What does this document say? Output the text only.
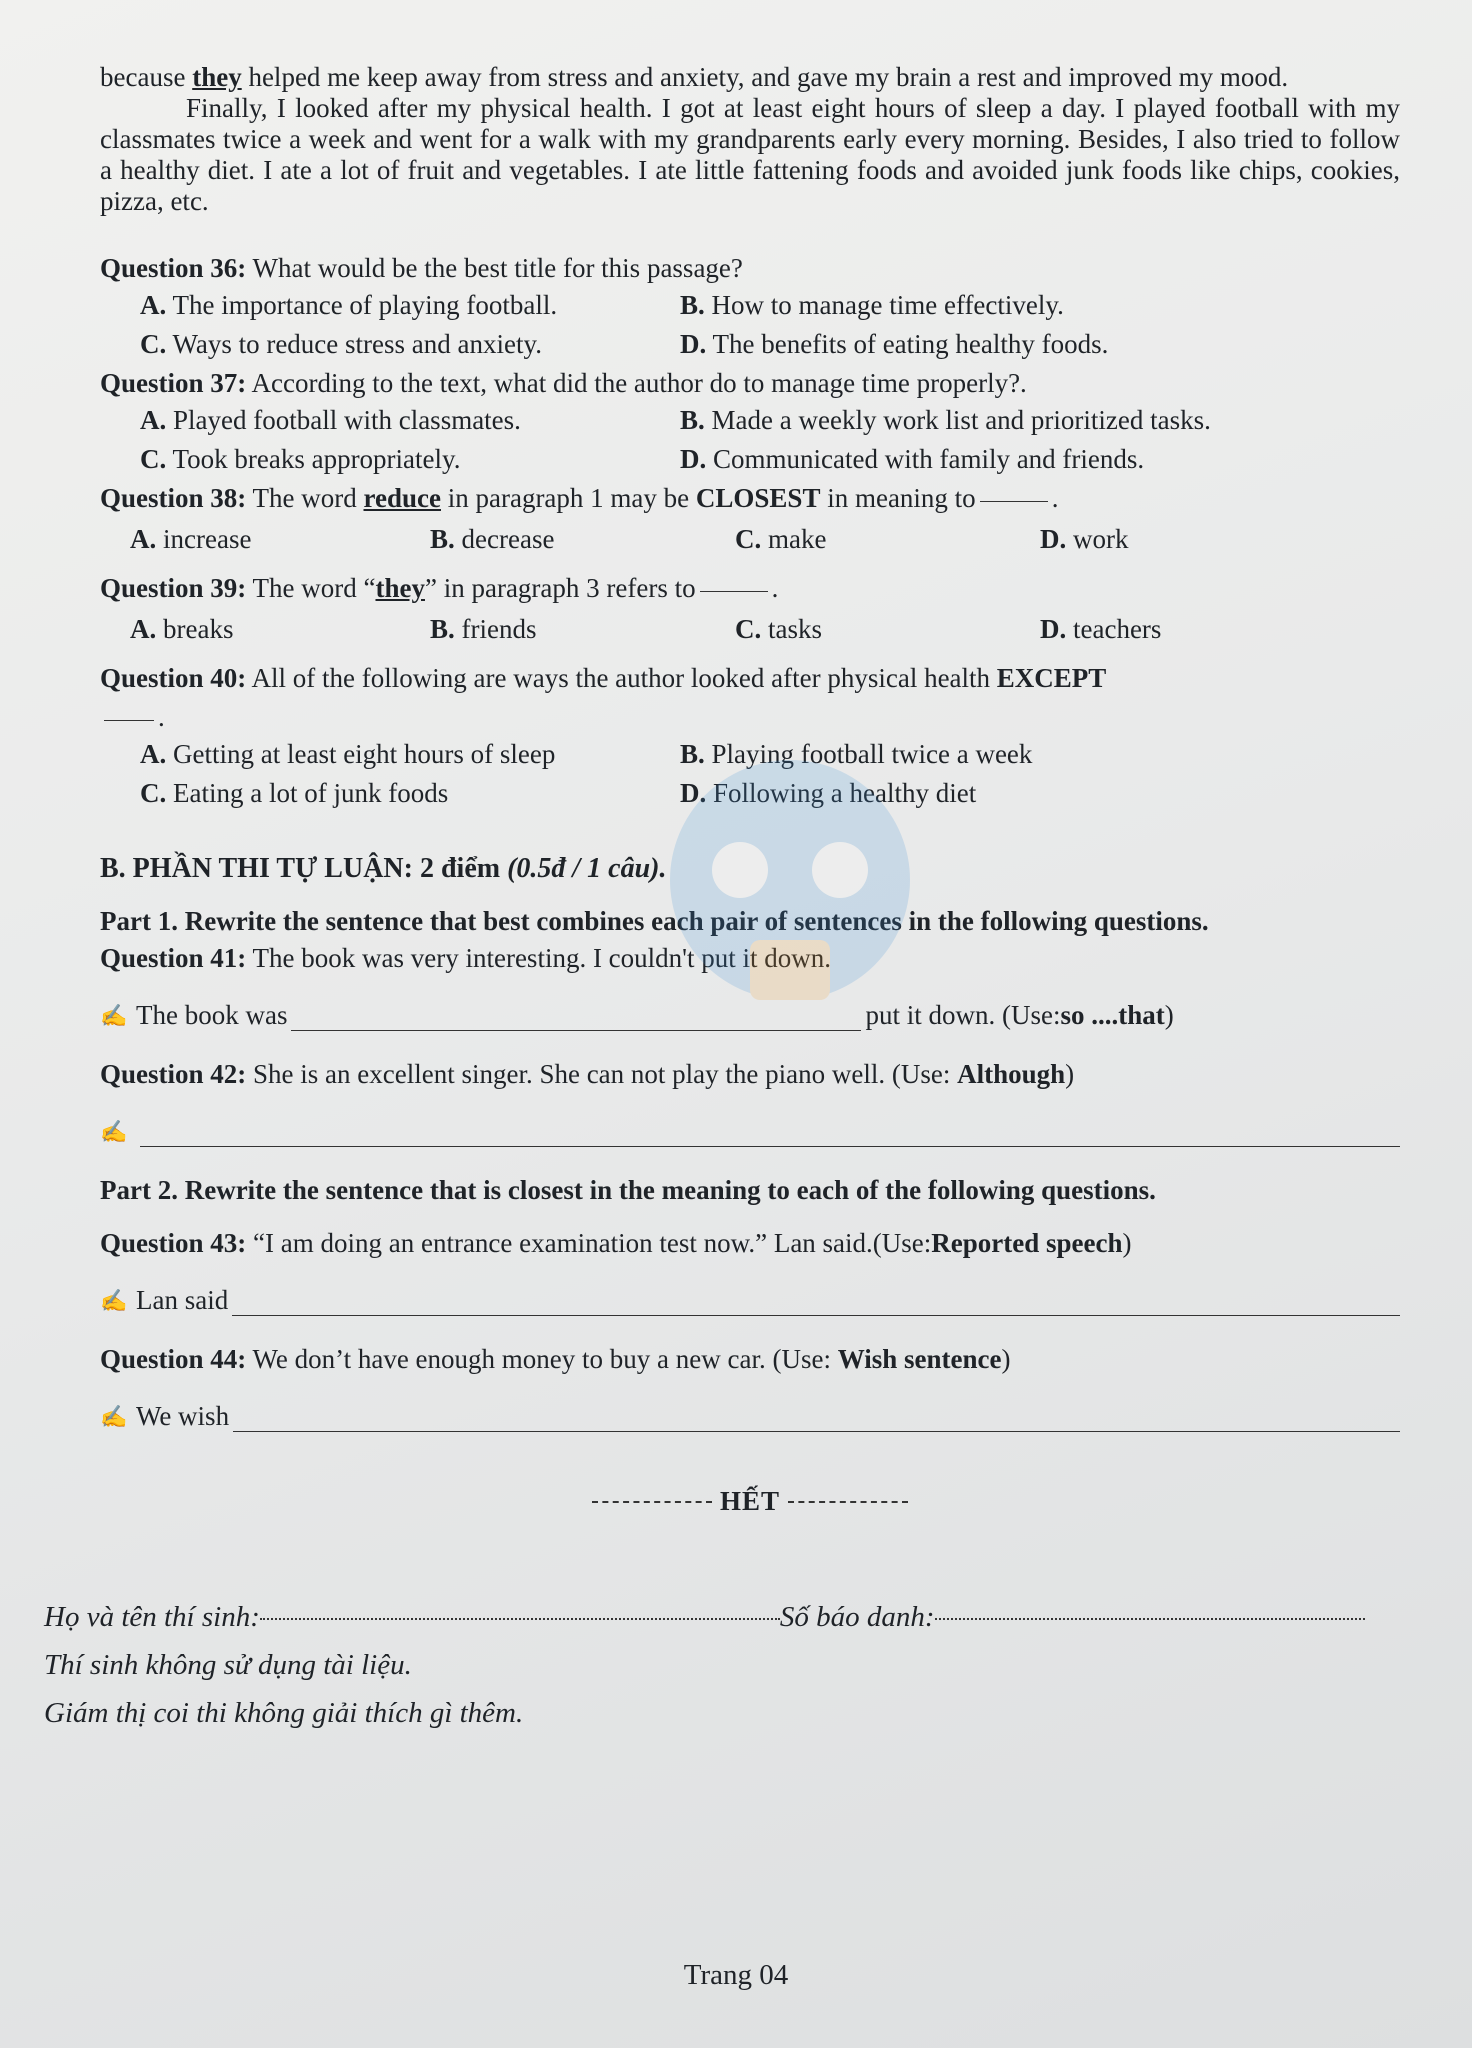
because they helped me keep away from stress and anxiety, and gave my brain a rest and improved my mood.

Finally, I looked after my physical health. I got at least eight hours of sleep a day. I played football with my classmates twice a week and went for a walk with my grandparents early every morning. Besides, I also tried to follow a healthy diet. I ate a lot of fruit and vegetables. I ate little fattening foods and avoided junk foods like chips, cookies, pizza, etc.

Question 36: What would be the best title for this passage?
A. The importance of playing football.	B. How to manage time effectively.
C. Ways to reduce stress and anxiety.	D. The benefits of eating healthy foods.
Question 37: According to the text, what did the author do to manage time properly?.
A. Played football with classmates.	B. Made a weekly work list and prioritized tasks.
C. Took breaks appropriately.	D. Communicated with family and friends.
Question 38: The word reduce in paragraph 1 may be CLOSEST in meaning to	.
A. increase	B. decrease	C. make	D. work
Question 39: The word “they” in paragraph 3 refers to	.
A. breaks	B. friends	C. tasks	D. teachers
Question 40: All of the following are ways the author looked after physical health EXCEPT
.
A. Getting at least eight hours of sleep	B. Playing football twice a week
C. Eating a lot of junk foods	D. Following a healthy diet
B. PHẦN THI TỰ LUẬN: 2 điểm (0.5đ / 1 câu).
Part 1. Rewrite the sentence that best combines each pair of sentences in the following questions.
Question 41: The book was very interesting. I couldn't put it down.
✍ The book was	put it down. (Use: so ....that )
Question 42: She is an excellent singer. She can not play the piano well. (Use: Although)
✍
Part 2. Rewrite the sentence that is closest in the meaning to each of the following questions.
Question 43: “I am doing an entrance examination test now.” Lan said.(Use:Reported speech)
✍ Lan said
Question 44: We don’t have enough money to buy a new car. (Use: Wish sentence)
✍ We wish
HẾT
Họ và tên thí sinh:	Số báo danh:
Thí sinh không sử dụng tài liệu.
Giám thị coi thi không giải thích gì thêm.
Trang 04
